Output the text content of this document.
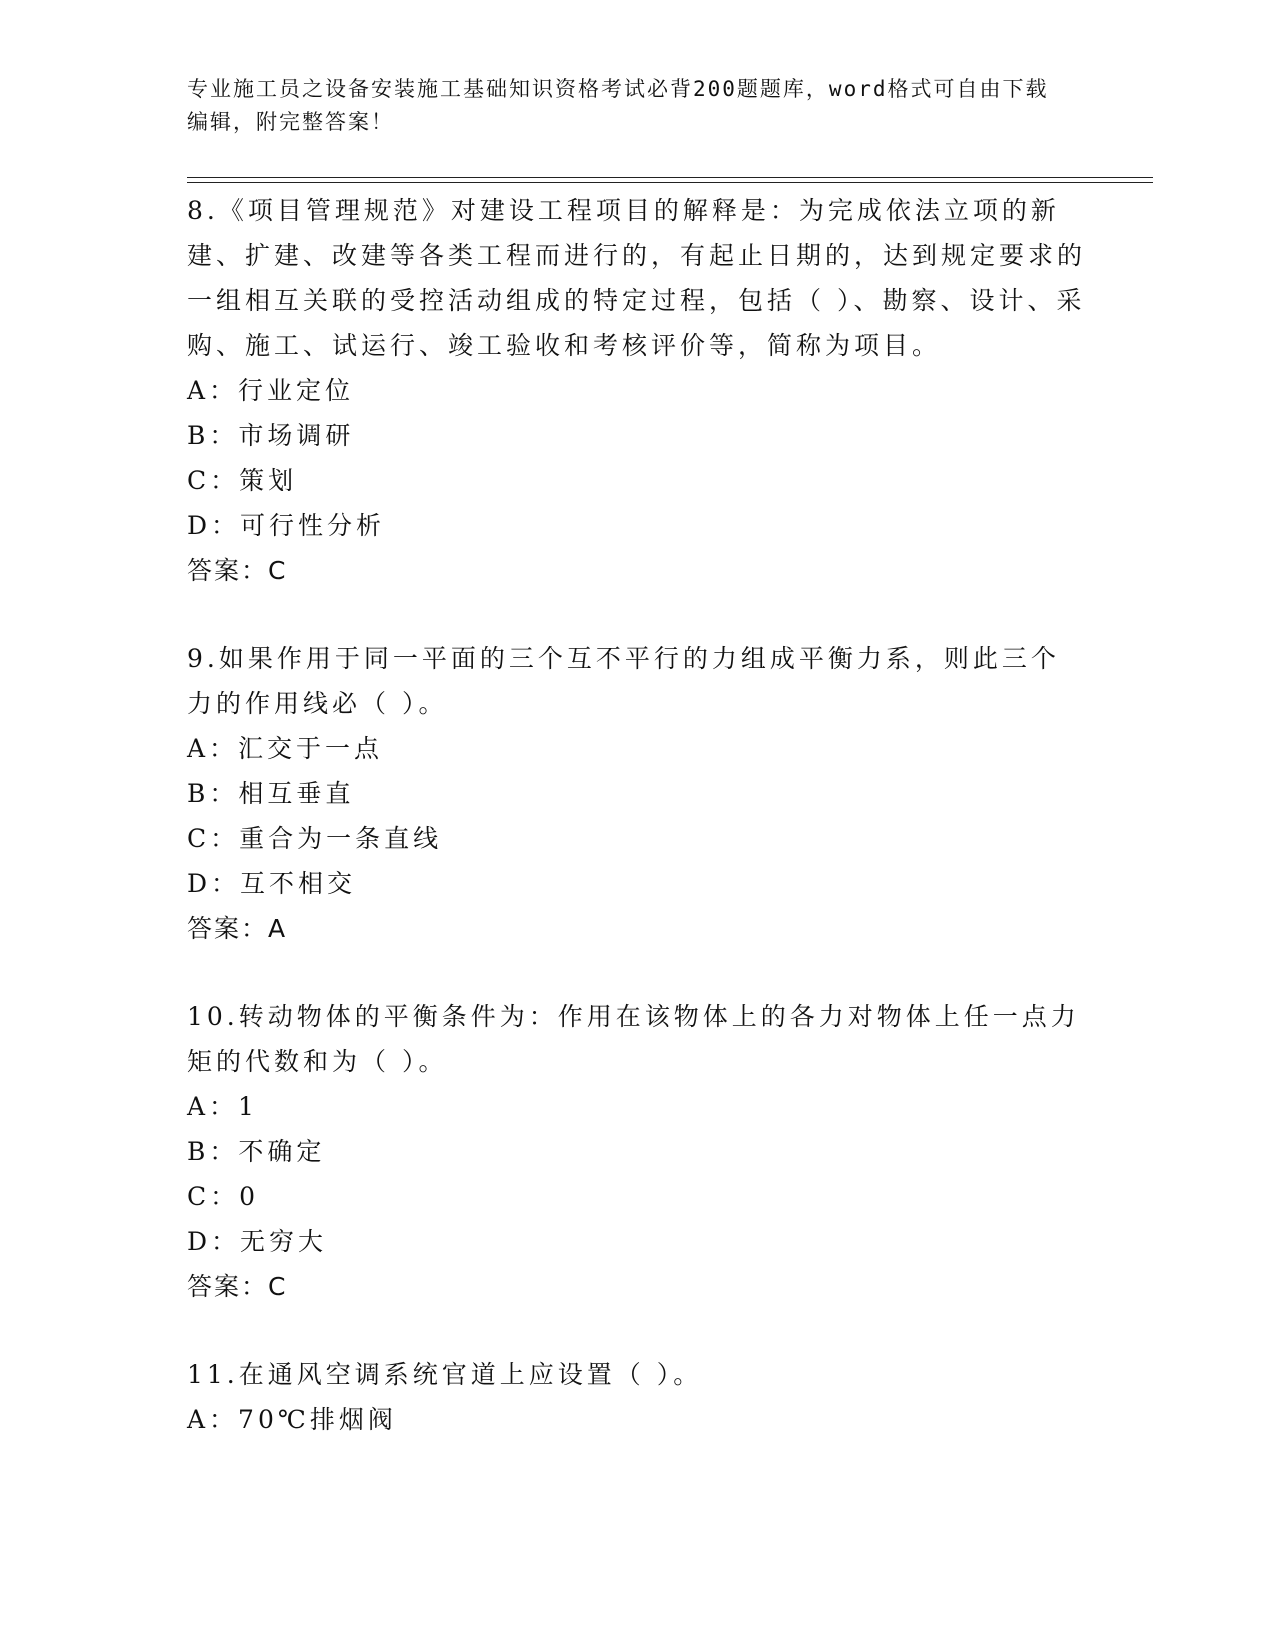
专业施工员之设备安装施工基础知识资格考试必背200题题库，word格式可自由下载编辑，附完整答案！
8.《项目管理规范》对建设工程项目的解释是：为完成依法立项的新建、扩建、改建等各类工程而进行的，有起止日期的，达到规定要求的一组相互关联的受控活动组成的特定过程，包括（ ）、勘察、设计、采购、施工、试运行、竣工验收和考核评价等，简称为项目。
A：行业定位
B：市场调研
C：策划
D：可行性分析
答案：C
9.如果作用于同一平面的三个互不平行的力组成平衡力系，则此三个力的作用线必（ ）。
A：汇交于一点
B：相互垂直
C：重合为一条直线
D：互不相交
答案：A
10.转动物体的平衡条件为：作用在该物体上的各力对物体上任一点力矩的代数和为（ ）。
A：1
B：不确定
C：0
D：无穷大
答案：C
11.在通风空调系统官道上应设置（ ）。
A：70℃排烟阀
